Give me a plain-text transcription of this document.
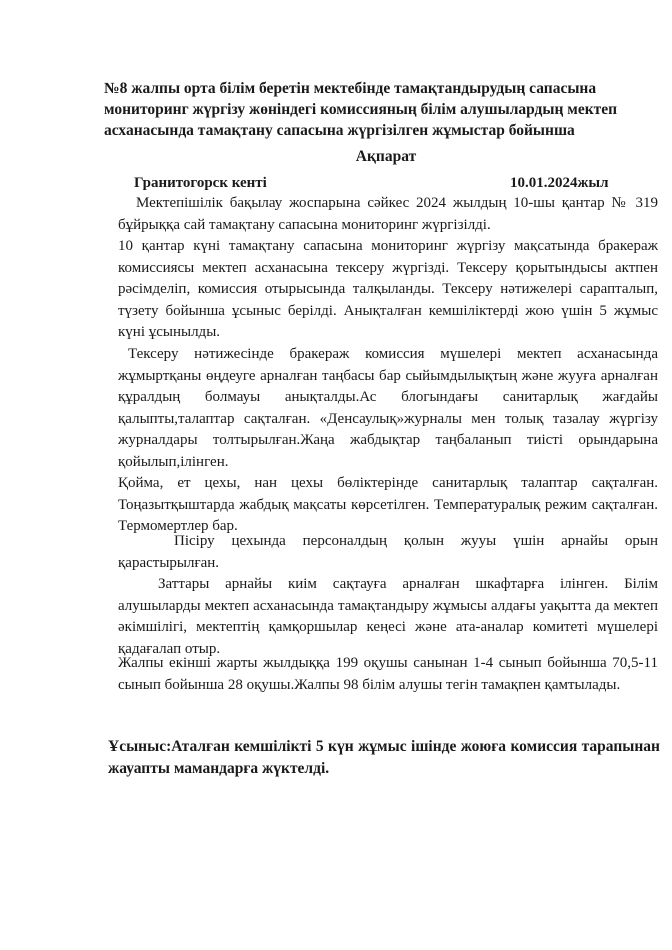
№8 жалпы орта білім беретін мектебінде тамақтандырудың сапасына мониторинг жүргізу жөніндегі комиссияның білім алушылардың мектеп асханасында тамақтану сапасына жүргізілген жұмыстар бойынша
Ақпарат
Гранитогорск кенті	10.01.2024жыл
Мектепішілік бақылау жоспарына сәйкес 2024 жылдың 10-шы қантар № 319 бұйрыққа сай тамақтану сапасына мониторинг жүргізілді.
10 қантар күні тамақтану сапасына мониторинг жүргізу мақсатында бракераж комиссиясы мектеп асханасына тексеру жүргізді. Тексеру қорытындысы актпен рәсімделіп, комиссия отырысында талқыланды. Тексеру нәтижелері сарапталып, түзету бойынша ұсыныс берілді. Анықталған кемшіліктерді жою үшін 5 жұмыс күні ұсынылды.
Тексеру нәтижесінде бракераж комиссия мүшелері мектеп асханасында жұмыртқаны өңдеуге арналған таңбасы бар сыйымдылықтың және жууға арналған құралдың болмауы анықталды.Ас блогындағы санитарлық жағдайы қалыпты,талаптар сақталған. «Денсаулық»журналы мен толық тазалау жүргізу журналдары толтырылған.Жаңа жабдықтар таңбаланып тиісті орындарына қойылып,ілінген.
Қойма, ет цехы, нан цехы бөліктерінде санитарлық талаптар сақталған. Тоңазытқыштарда жабдық мақсаты көрсетілген. Температуралық режим сақталған. Термомертлер бар.
Пісіру цехында персоналдың қолын жууы үшін арнайы орын қарастырылған.
Заттары арнайы киім сақтауға арналған шкафтарға ілінген. Білім алушыларды мектеп асханасында тамақтандыру жұмысы алдағы уақытта да мектеп әкімшілігі, мектептің қамқоршылар кеңесі және ата-аналар комитеті мүшелері қадағалап отыр.
Жалпы екінші жарты жылдыққа 199 оқушы санынан 1-4 сынып бойынша 70,5-11 сынып бойынша 28 оқушы.Жалпы 98 білім алушы тегін тамақпен қамтылады.
Ұсыныс:Аталған кемшілікті 5 күн жұмыс ішінде жоюға комиссия тарапынан жауапты мамандарға жүктелді.
